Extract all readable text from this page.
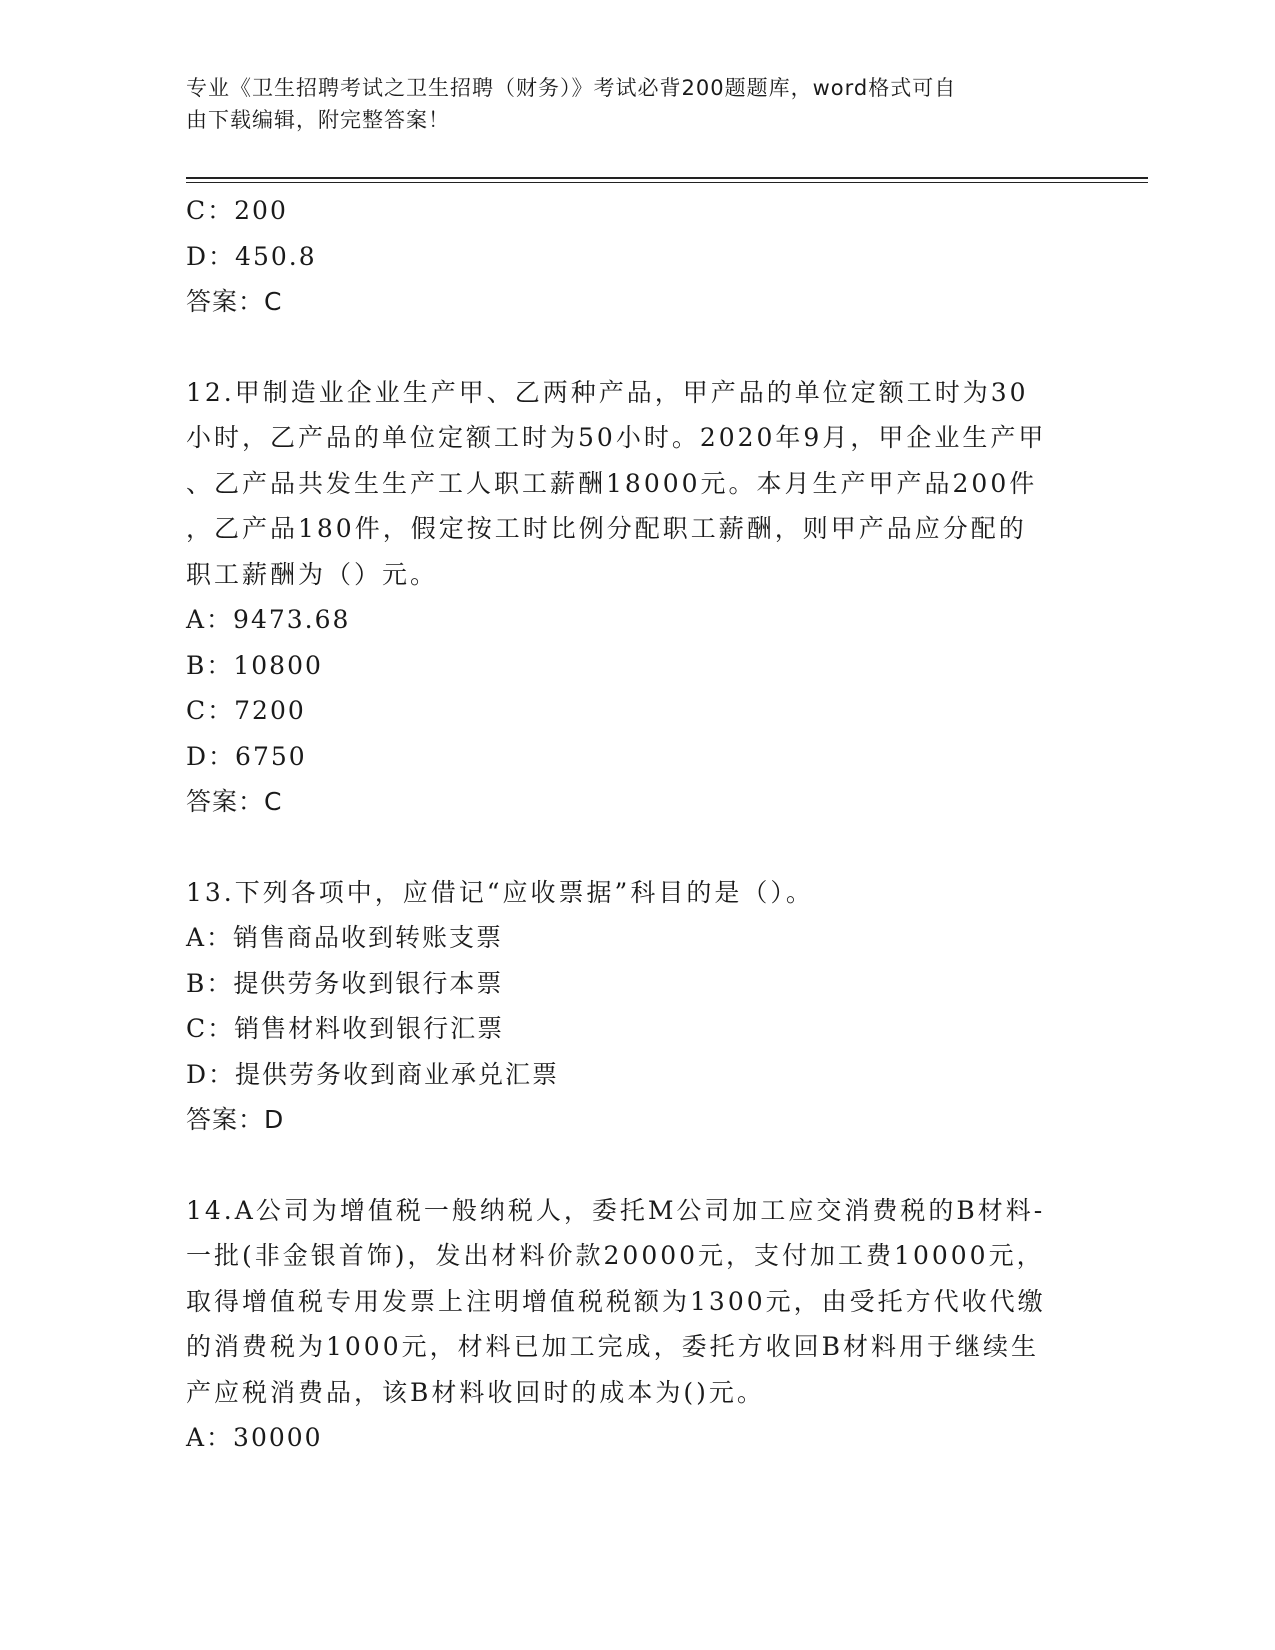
专业《卫生招聘考试之卫生招聘（财务）》考试必背200题题库，word格式可自
由下载编辑，附完整答案！
C：200
D：450.8
答案：C
12.甲制造业企业生产甲、乙两种产品，甲产品的单位定额工时为30
小时，乙产品的单位定额工时为50小时。2020年9月，甲企业生产甲
、乙产品共发生生产工人职工薪酬18000元。本月生产甲产品200件
，乙产品180件，假定按工时比例分配职工薪酬，则甲产品应分配的
职工薪酬为（）元。
A：9473.68
B：10800
C：7200
D：6750
答案：C
13.下列各项中，应借记“应收票据”科目的是（）。
A：销售商品收到转账支票
B：提供劳务收到银行本票
C：销售材料收到银行汇票
D：提供劳务收到商业承兑汇票
答案：D
14.A公司为增值税一般纳税人，委托M公司加工应交消费税的B材料-
一批(非金银首饰)，发出材料价款20000元，支付加工费10000元，
取得增值税专用发票上注明增值税税额为1300元，由受托方代收代缴
的消费税为1000元，材料已加工完成，委托方收回B材料用于继续生
产应税消费品，该B材料收回时的成本为()元。
A：30000
